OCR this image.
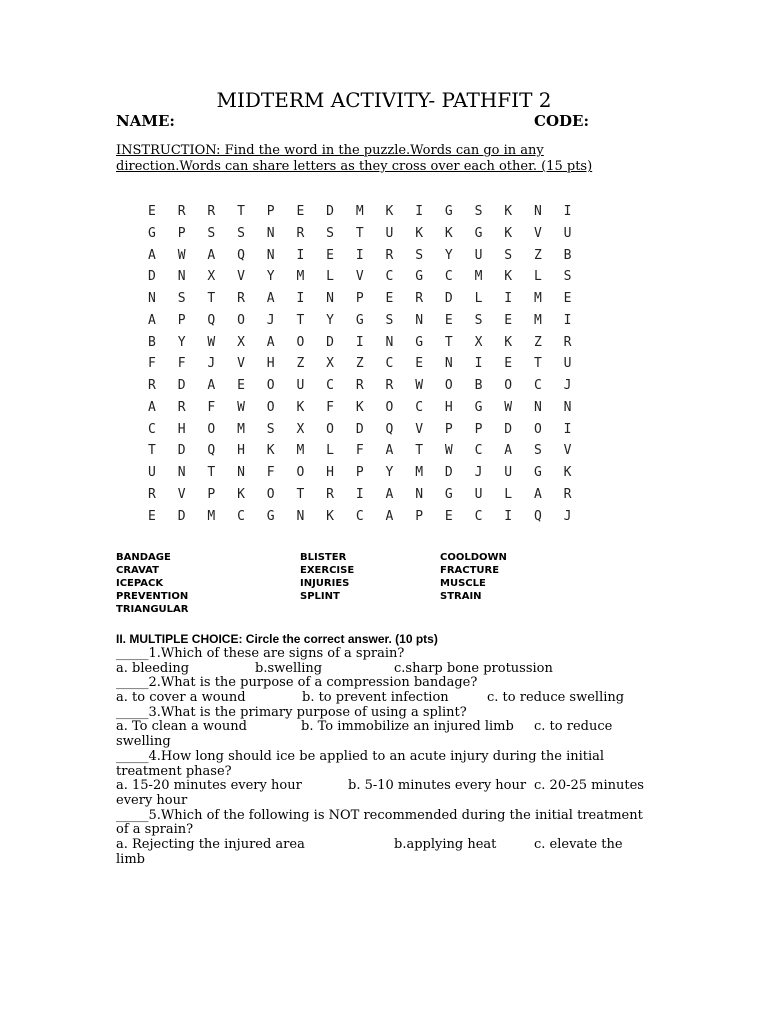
MIDTERM ACTIVITY- PATHFIT 2
NAME:	CODE:
INSTRUCTION: Find the word in the puzzle.Words can go in any direction.Words can share letters as they cross over each other. (15 pts)
E	R	R	T	P	E	D	M	K	I	G	S	K	N	I
G	P	S	S	N	R	S	T	U	K	K	G	K	V	U
A	W	A	Q	N	I	E	I	R	S	Y	U	S	Z	B
D	N	X	V	Y	M	L	V	C	G	C	M	K	L	S
N	S	T	R	A	I	N	P	E	R	D	L	I	M	E
A	P	Q	O	J	T	Y	G	S	N	E	S	E	M	I
B	Y	W	X	A	O	D	I	N	G	T	X	K	Z	R
F	F	J	V	H	Z	X	Z	C	E	N	I	E	T	U
R	D	A	E	O	U	C	R	R	W	O	B	O	C	J
A	R	F	W	O	K	F	K	O	C	H	G	W	N	N
C	H	O	M	S	X	O	D	Q	V	P	P	D	O	I
T	D	Q	H	K	M	L	F	A	T	W	C	A	S	V
U	N	T	N	F	O	H	P	Y	M	D	J	U	G	K
R	V	P	K	O	T	R	I	A	N	G	U	L	A	R
E	D	M	C	G	N	K	C	A	P	E	C	I	Q	J
BANDAGE
CRAVAT
ICEPACK
PREVENTION
TRIANGULAR
BLISTER
EXERCISE
INJURIES
SPLINT
COOLDOWN
FRACTURE
MUSCLE
STRAIN
II. MULTIPLE CHOICE: Circle the correct answer. (10 pts)
_____1.Which of these are signs of a sprain?
a. bleeding	b.swelling	c.sharp bone protussion
_____2.What is the purpose of a compression bandage?
a. to cover a wound	b. to prevent infection	c. to reduce swelling
_____3.What is the primary purpose of using a splint?
a. To clean a wound	b. To immobilize an injured limb c. to reduce
swelling
_____4.How long should ice be applied to an acute injury during the initial treatment phase?
a. 15-20 minutes every hour	b. 5-10 minutes every hour c. 20-25 minutes
every hour
_____5.Which of the following is NOT recommended during the initial treatment of a sprain?
a. Rejecting the injured area	b.applying heat	c. elevate the
limb
